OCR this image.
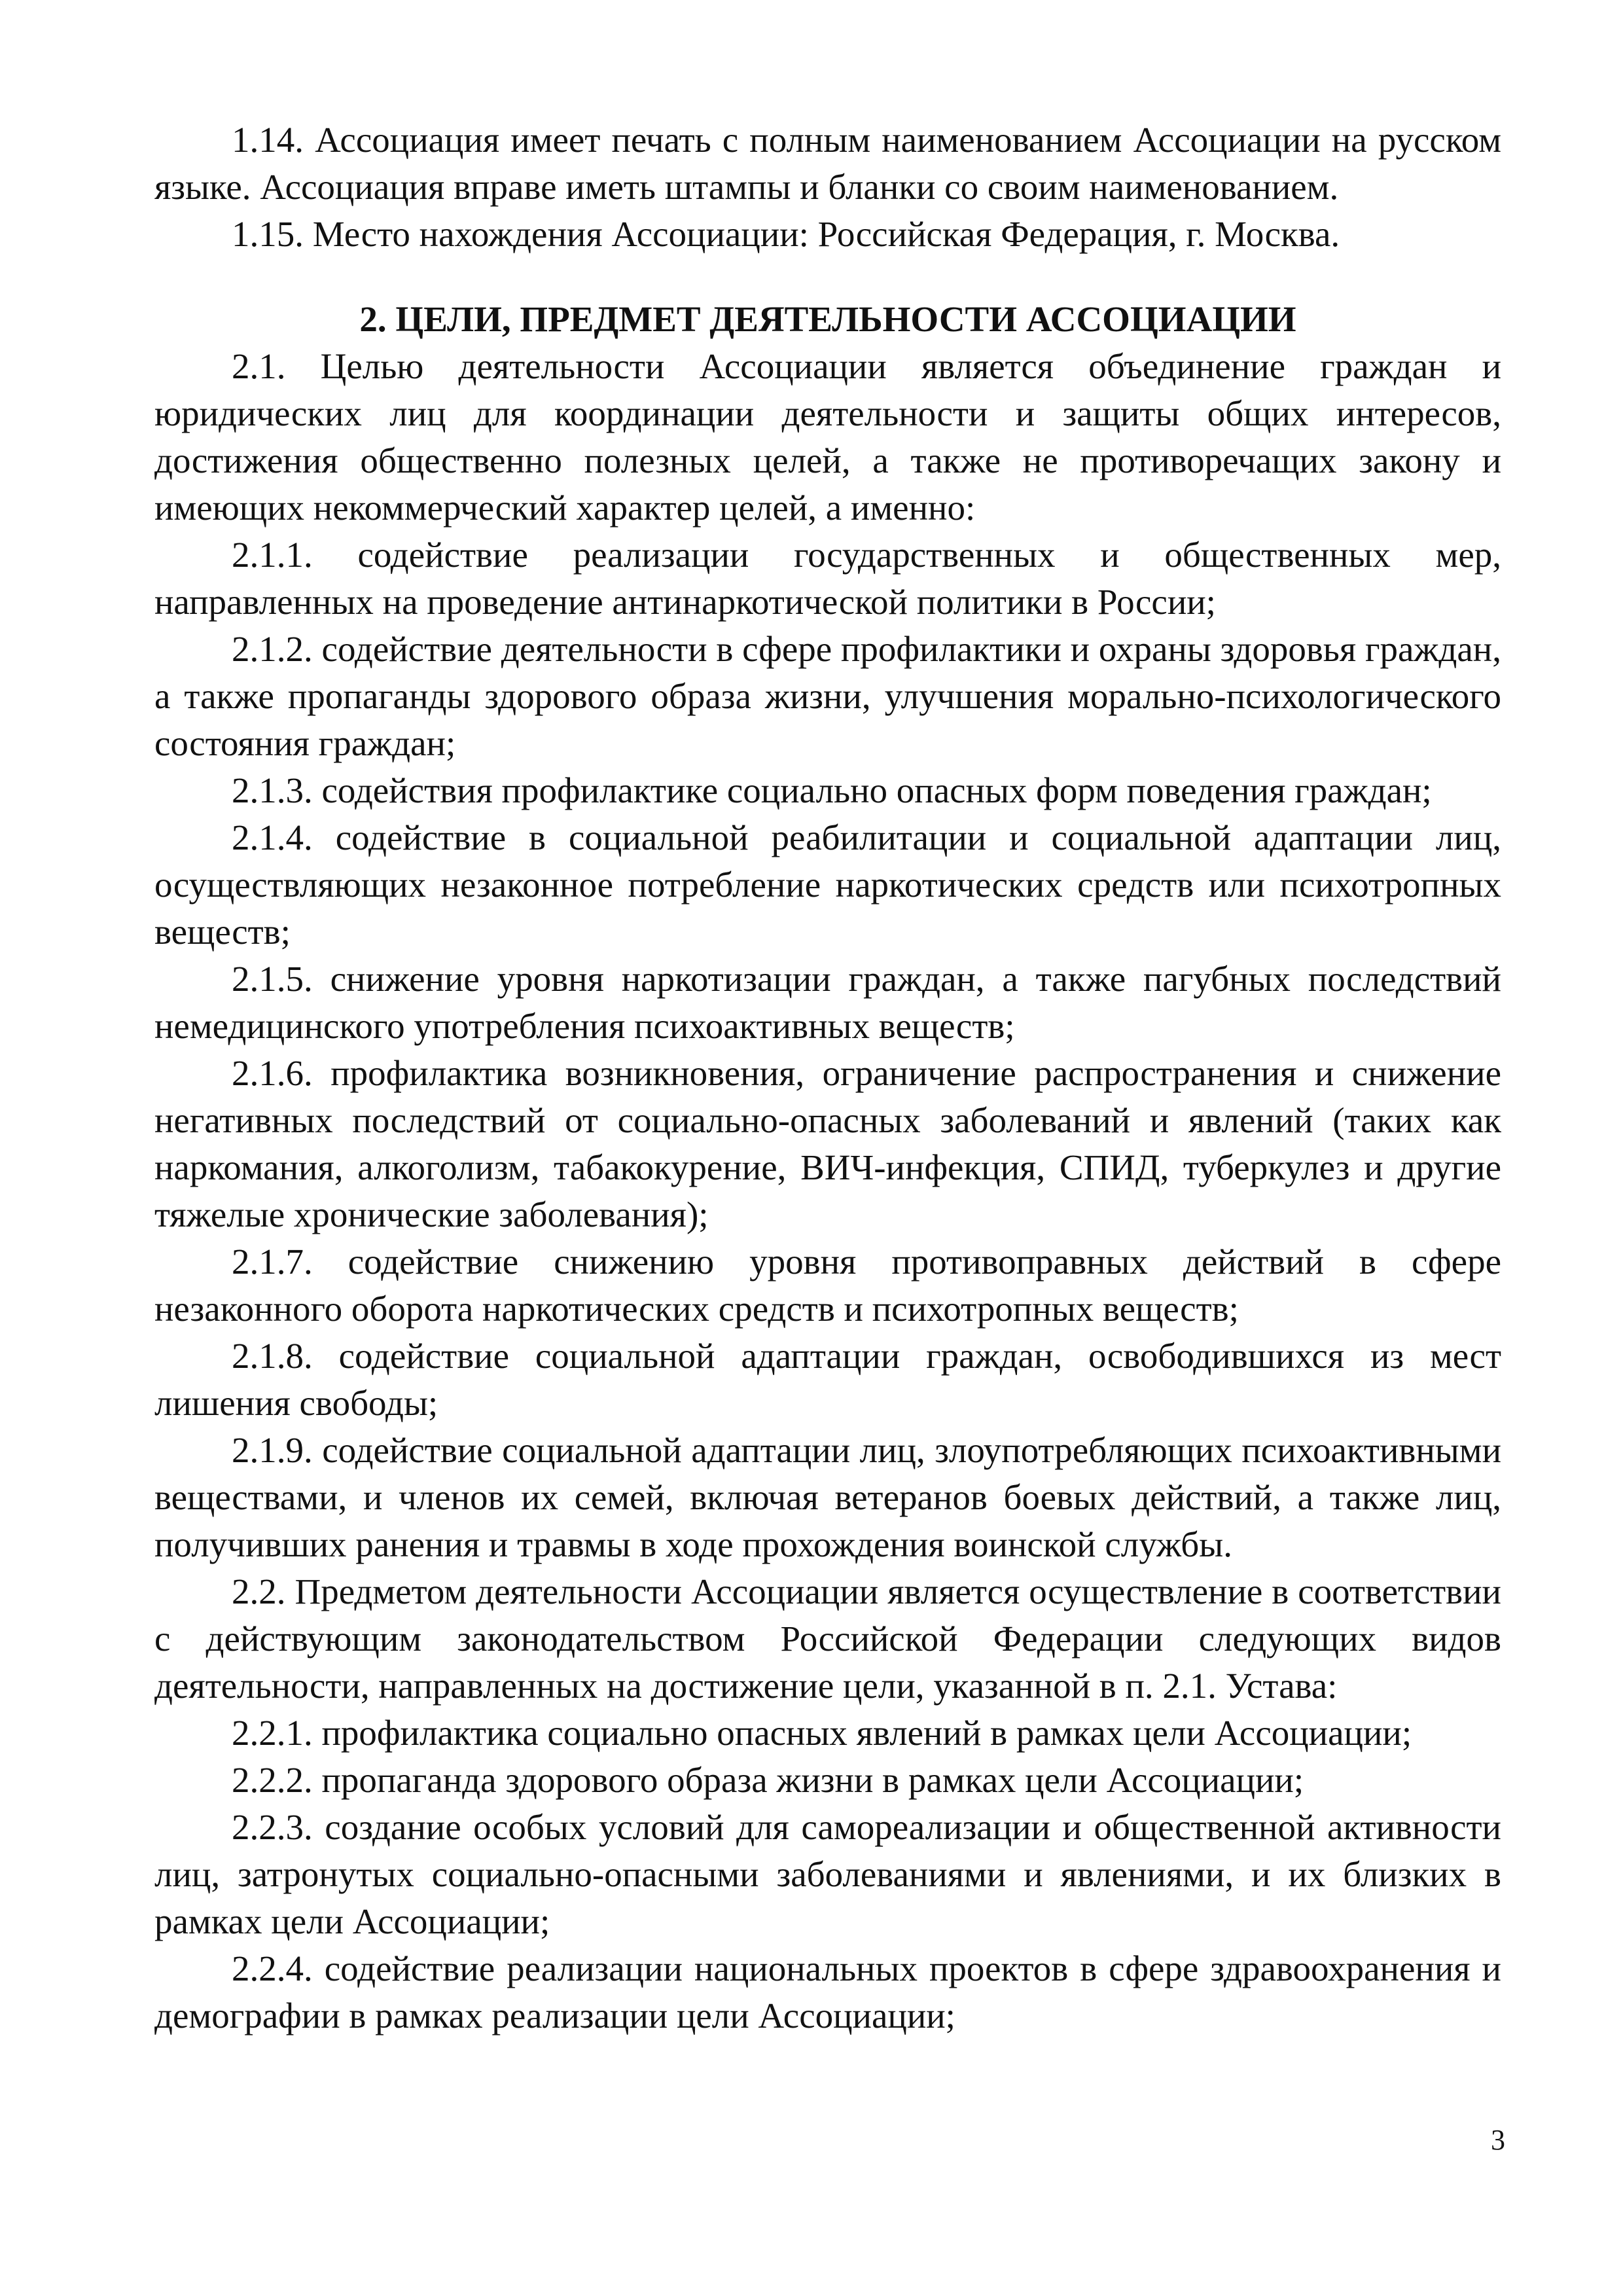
1.14. Ассоциация имеет печать с полным наименованием Ассоциации на русском языке. Ассоциация вправе иметь штампы и бланки со своим наименованием.

1.15. Место нахождения Ассоциации: Российская Федерация, г. Москва.

2. ЦЕЛИ, ПРЕДМЕТ ДЕЯТЕЛЬНОСТИ АССОЦИАЦИИ

2.1. Целью деятельности Ассоциации является объединение граждан и юридических лиц для координации деятельности и защиты общих интересов, достижения общественно полезных целей, а также не противоречащих закону и имеющих некоммерческий характер целей, а именно:

2.1.1. содействие реализации государственных и общественных мер, направленных на проведение антинаркотической политики в России;

2.1.2. содействие деятельности в сфере профилактики и охраны здоровья граждан, а также пропаганды здорового образа жизни, улучшения морально-психологического состояния граждан;

2.1.3. содействия профилактике социально опасных форм поведения граждан;

2.1.4. содействие в социальной реабилитации и социальной адаптации лиц, осуществляющих незаконное потребление наркотических средств или психотропных веществ;

2.1.5. снижение уровня наркотизации граждан, а также пагубных последствий немедицинского употребления психоактивных веществ;

2.1.6. профилактика возникновения, ограничение распространения и снижение негативных последствий от социально-опасных заболеваний и явлений (таких как наркомания, алкоголизм, табакокурение, ВИЧ-инфекция, СПИД, туберкулез и другие тяжелые хронические заболевания);

2.1.7. содействие снижению уровня противоправных действий в сфере незаконного оборота наркотических средств и психотропных веществ;

2.1.8. содействие социальной адаптации граждан, освободившихся из мест лишения свободы;

2.1.9. содействие социальной адаптации лиц, злоупотребляющих психоактивными веществами, и членов их семей, включая ветеранов боевых действий, а также лиц, получивших ранения и травмы в ходе прохождения воинской службы.

2.2. Предметом деятельности Ассоциации является осуществление в соответствии с действующим законодательством Российской Федерации следующих видов деятельности, направленных на достижение цели, указанной в п. 2.1. Устава:

2.2.1. профилактика социально опасных явлений в рамках цели Ассоциации;

2.2.2. пропаганда здорового образа жизни в рамках цели Ассоциации;

2.2.3. создание особых условий для самореализации и общественной активности лиц, затронутых социально-опасными заболеваниями и явлениями, и их близких в рамках цели Ассоциации;

2.2.4. содействие реализации национальных проектов в сфере здравоохранения и демографии в рамках реализации цели Ассоциации;

3
